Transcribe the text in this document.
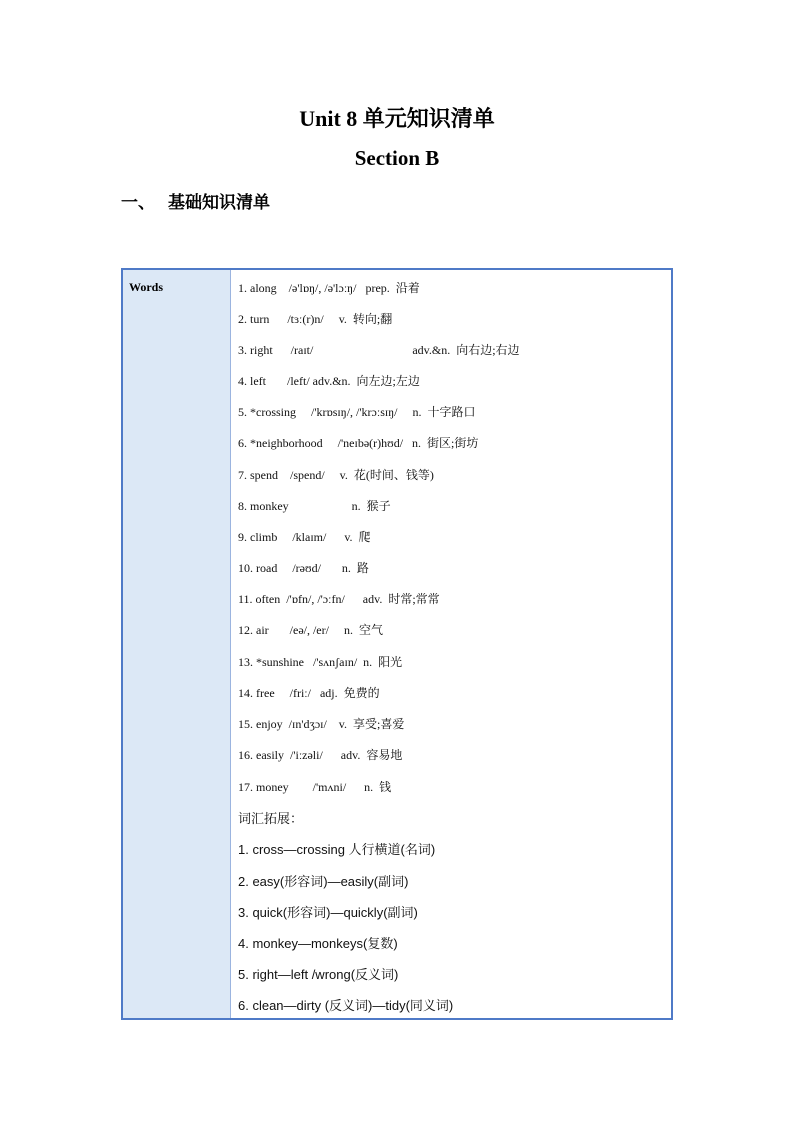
Unit 8 单元知识清单
Section B
一、 基础知识清单
Words	1. along    /ə'lɒŋ/, /ə'lɔːŋ/   prep.  沿着
2. turn      /tɜː(r)n/     v.  转向;翻
3. right      /raɪt/                                 adv.&n.  向右边;右边
4. left       /left/ adv.&n.  向左边;左边
5. *crossing     /'krɒsɪŋ/, /'krɔːsɪŋ/     n.  十字路口
6. *neighborhood     /'neɪbə(r)hʊd/   n.  街区;街坊
7. spend    /spend/     v.  花(时间、钱等)
8. monkey                     n.  猴子
9. climb     /klaɪm/      v.  爬
10. road     /rəʊd/       n.  路
11. often  /'ɒfn/, /'ɔːfn/      adv.  时常;常常
12. air       /eə/, /er/     n.  空气
13. *sunshine   /'sʌnʃaɪn/  n.  阳光
14. free     /friː/   adj.  免费的
15. enjoy  /ɪn'dʒɔɪ/    v.  享受;喜爱
16. easily  /'iːzəli/      adv.  容易地
17. money        /'mʌni/      n.  钱
词汇拓展：
1. cross—crossing 人行横道(名词)
2. easy(形容词)—easily(副词)
3. quick(形容词)—quickly(副词)
4. monkey—monkeys(复数)
5. right—left /wrong(反义词)
6. clean—dirty (反义词)—tidy(同义词)
